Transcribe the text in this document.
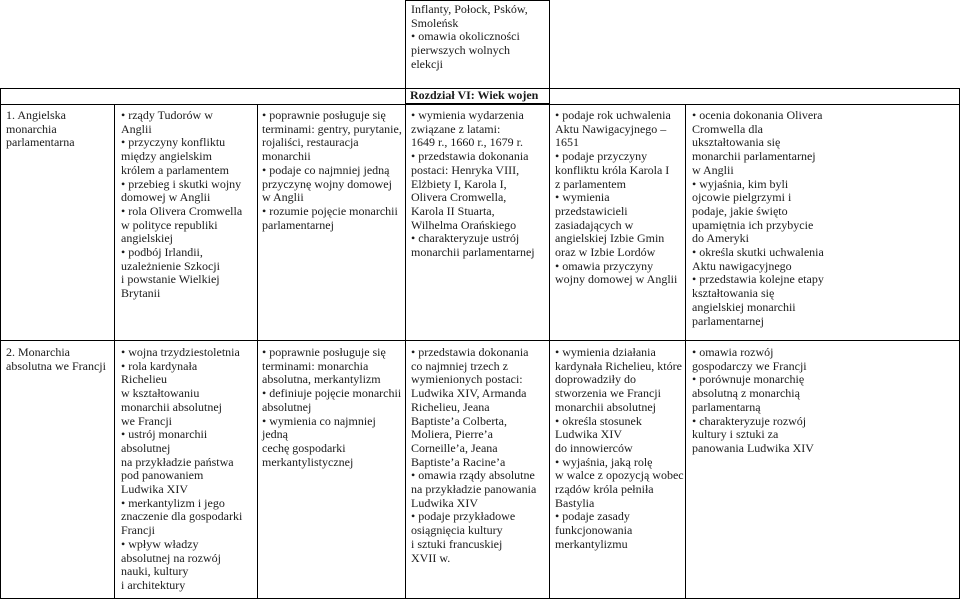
Inflanty, Połock, Psków,
Smoleńsk
• omawia okoliczności
pierwszych wolnych
elekcji
Rozdział VI: Wiek wojen
1. Angielska
monarchia
parlamentarna
• rządy Tudorów w
Anglii
• przyczyny konfliktu
między angielskim
królem a parlamentem
• przebieg i skutki wojny
domowej w Anglii
• rola Olivera Cromwella
w polityce republiki
angielskiej
• podbój Irlandii,
uzależnienie Szkocji
i powstanie Wielkiej
Brytanii
• poprawnie posługuje się
terminami: gentry, purytanie,
rojaliści, restauracja
monarchii
• podaje co najmniej jedną
przyczynę wojny domowej
w Anglii
• rozumie pojęcie monarchii
parlamentarnej
• wymienia wydarzenia
związane z latami:
1649 r., 1660 r., 1679 r.
• przedstawia dokonania
postaci: Henryka VIII,
Elżbiety I, Karola I,
Olivera Cromwella,
Karola II Stuarta,
Wilhelma Orańskiego
• charakteryzuje ustrój
monarchii parlamentarnej
• podaje rok uchwalenia
Aktu Nawigacyjnego –
1651
• podaje przyczyny
konfliktu króla Karola I
z parlamentem
• wymienia przedstawicieli
zasiadających w
angielskiej Izbie Gmin
oraz w Izbie Lordów
• omawia przyczyny
wojny domowej w Anglii
• ocenia dokonania Olivera
Cromwella dla
ukształtowania się
monarchii parlamentarnej
w Anglii
• wyjaśnia, kim byli
ojcowie pielgrzymi i
podaje, jakie święto
upamiętnia ich przybycie
do Ameryki
• określa skutki uchwalenia
Aktu nawigacyjnego
• przedstawia kolejne etapy
kształtowania się
angielskiej monarchii
parlamentarnej
2. Monarchia
absolutna we Francji
• wojna trzydziestoletnia
• rola kardynała
Richelieu
w kształtowaniu
monarchii absolutnej
we Francji
• ustrój monarchii
absolutnej
na przykładzie państwa
pod panowaniem
Ludwika XIV
• merkantylizm i jego
znaczenie dla gospodarki
Francji
• wpływ władzy
absolutnej na rozwój
nauki, kultury
i architektury
• poprawnie posługuje się
terminami: monarchia
absolutna, merkantylizm
• definiuje pojęcie monarchii
absolutnej
• wymienia co najmniej jedną
cechę gospodarki
merkantylistycznej
• przedstawia dokonania
co najmniej trzech z
wymienionych postaci:
Ludwika XIV, Armanda
Richelieu, Jeana
Baptiste’a Colberta,
Moliera, Pierre’a
Corneille’a, Jeana
Baptiste’a Racine’a
• omawia rządy absolutne
na przykładzie panowania
Ludwika XIV
• podaje przykładowe
osiągnięcia kultury
i sztuki francuskiej
XVII w.
• wymienia działania
kardynała Richelieu, które
doprowadziły do
stworzenia we Francji
monarchii absolutnej
• określa stosunek
Ludwika XIV
do innowierców
• wyjaśnia, jaką rolę
w walce z opozycją wobec
rządów króla pełniła
Bastylia
• podaje zasady
funkcjonowania
merkantylizmu
• omawia rozwój
gospodarczy we Francji
• porównuje monarchię
absolutną z monarchią
parlamentarną
• charakteryzuje rozwój
kultury i sztuki za
panowania Ludwika XIV
